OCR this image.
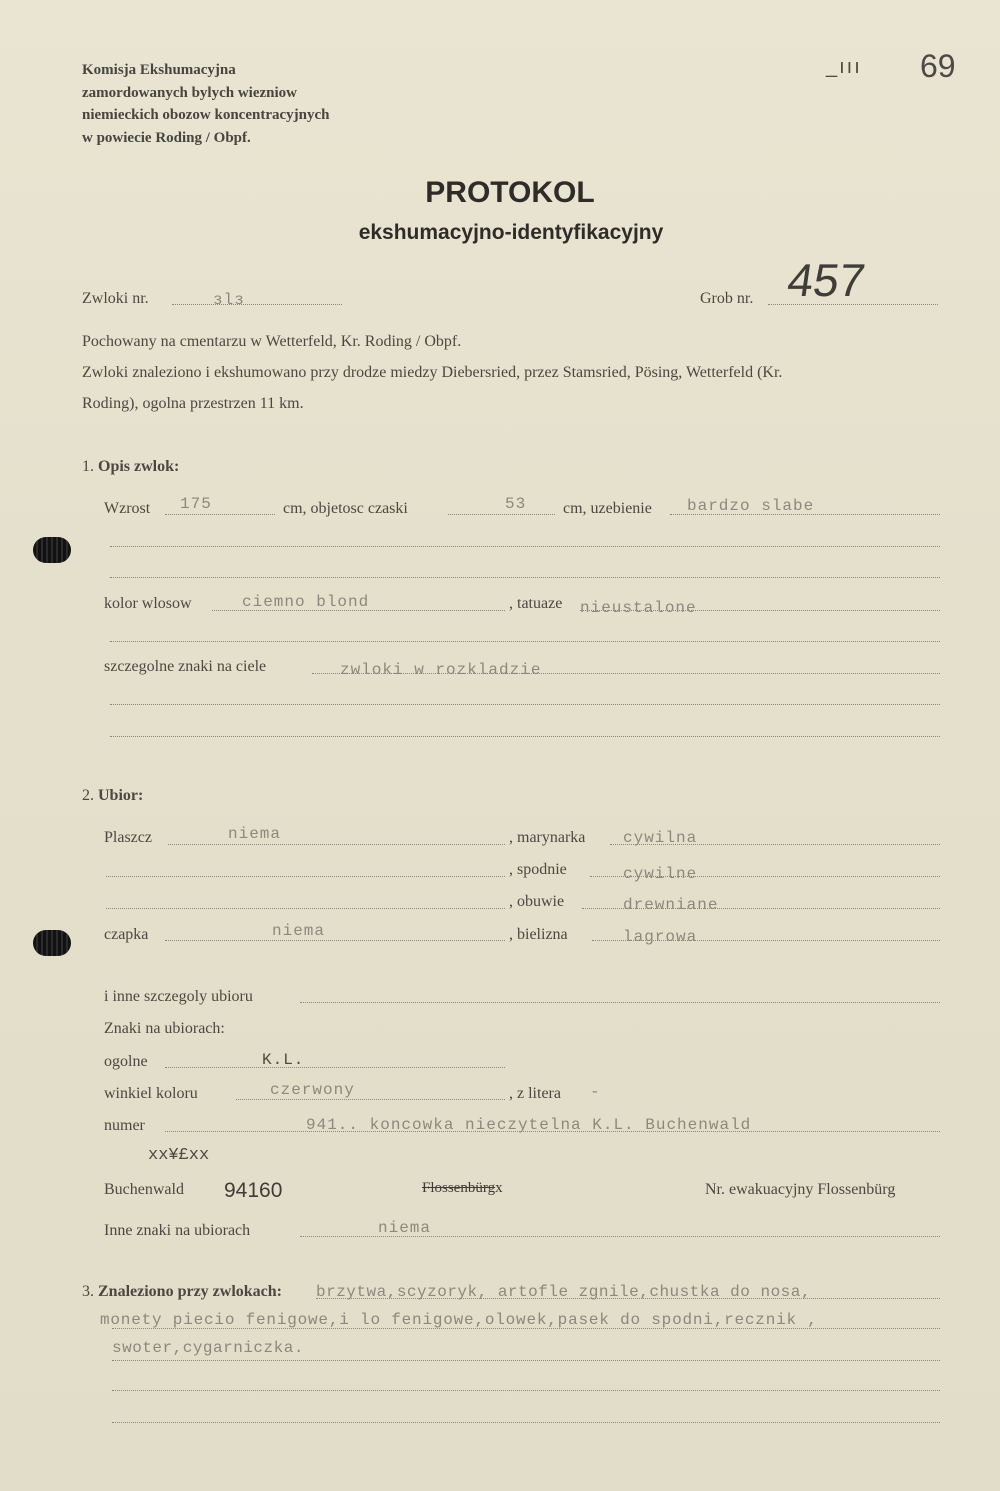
Komisja Ekshumacyjna
zamordowanych bylych wiezniow
niemieckich obozow koncentracyjnych
w powiecie Roding / Obpf.
_ııı 69
PROTOKOL
ekshumacyjno-identyfikacyjny
Zwloki nr.	ɜlɜ	Grob nr. 457
Pochowany na cmentarzu w Wetterfeld, Kr. Roding / Obpf.
Zwloki znaleziono i ekshumowano przy drodze miedzy Diebersried, przez Stamsried, Pösing, Wetterfeld (Kr.
Roding), ogolna przestrzen 11 km.
1. Opis zwlok:
Wzrost 175	cm, objetosc czaski	53 cm, uzebienie bardzo slabe
kolor wlosow	ciemno blond	, tatuaze nieustalone
szczegolne znaki na ciele	zwloki w rozkladzie
2. Ubior:
Plaszcz	niema	, marynarka cywilna
, spodnie	cywilne
, obuwie	drewniane
czapka	niema	, bielizna	lagrowa
i inne szczegoly ubioru
Znaki na ubiorach:
ogolne	K.L.
winkiel koloru	czerwony	, z litera -
numer	941.. koncowka nieczytelna K.L. Buchenwald
xx¥£xx
Buchenwald 94160	Flossenbürgx	Nr. ewakuacyjny Flossenbürg
Inne znaki na ubiorach	niema
3. Znaleziono przy zwlokach: brzytwa,scyzoryk, artofle zgnile,chustka do nosa,
monety piecio fenigowe,i lo fenigowe,olowek,pasek do spodni,recznik ,
swoter,cygarniczka.
